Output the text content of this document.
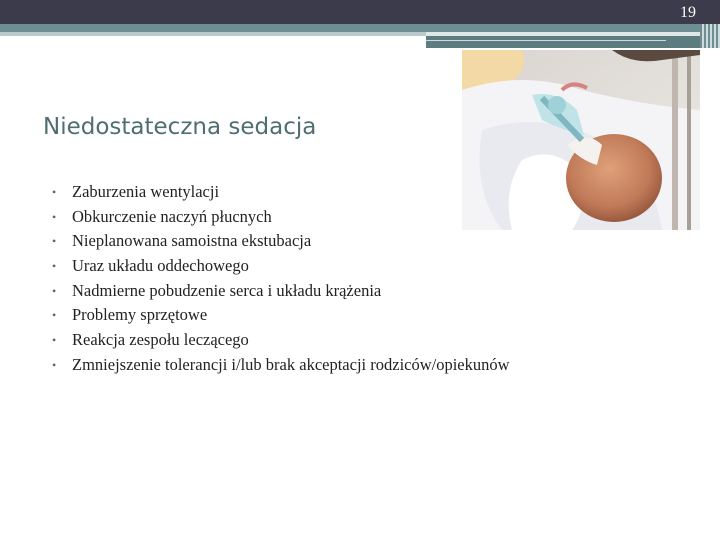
19
Niedostateczna sedacja
• Zaburzenia wentylacji
• Obkurczenie naczyń płucnych
• Nieplanowana samoistna ekstubacja
• Uraz układu oddechowego
• Nadmierne pobudzenie serca i układu krążenia
• Problemy sprzętowe
• Reakcja zespołu leczącego
• Zmniejszenie tolerancji i/lub brak akceptacji rodziców/opiekunów
